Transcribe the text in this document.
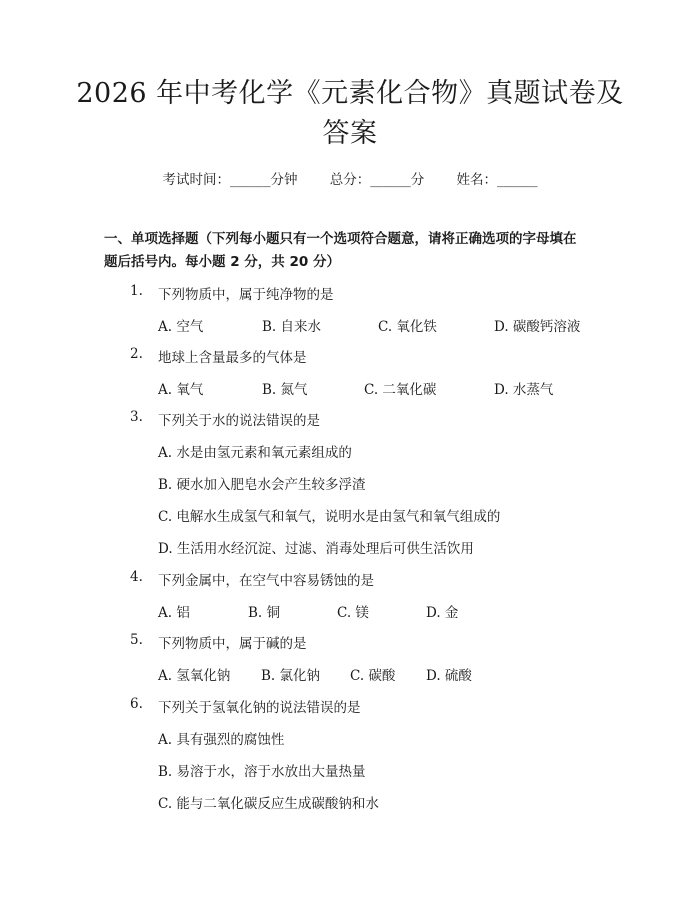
2026 年中考化学《元素化合物》真题试卷及
答案
考试时间：______分钟 总分：______分 姓名：______
一、单项选择题（下列每小题只有一个选项符合题意，请将正确选项的字母填在
题后括号内。每小题 2 分，共 20 分）
1. 下列物质中，属于纯净物的是
A. 空气	B. 自来水	C. 氧化铁	D. 碳酸钙溶液
2. 地球上含量最多的气体是
A. 氧气	B. 氮气	C. 二氧化碳	D. 水蒸气
3. 下列关于水的说法错误的是
A. 水是由氢元素和氧元素组成的
B. 硬水加入肥皂水会产生较多浮渣
C. 电解水生成氢气和氧气，说明水是由氢气和氧气组成的
D. 生活用水经沉淀、过滤、消毒处理后可供生活饮用
4. 下列金属中，在空气中容易锈蚀的是
A. 铝	B. 铜	C. 镁	D. 金
5. 下列物质中，属于碱的是
A. 氢氧化钠 B. 氯化钠 C. 碳酸 D. 硫酸
6. 下列关于氢氧化钠的说法错误的是
A. 具有强烈的腐蚀性
B. 易溶于水，溶于水放出大量热量
C. 能与二氧化碳反应生成碳酸钠和水
